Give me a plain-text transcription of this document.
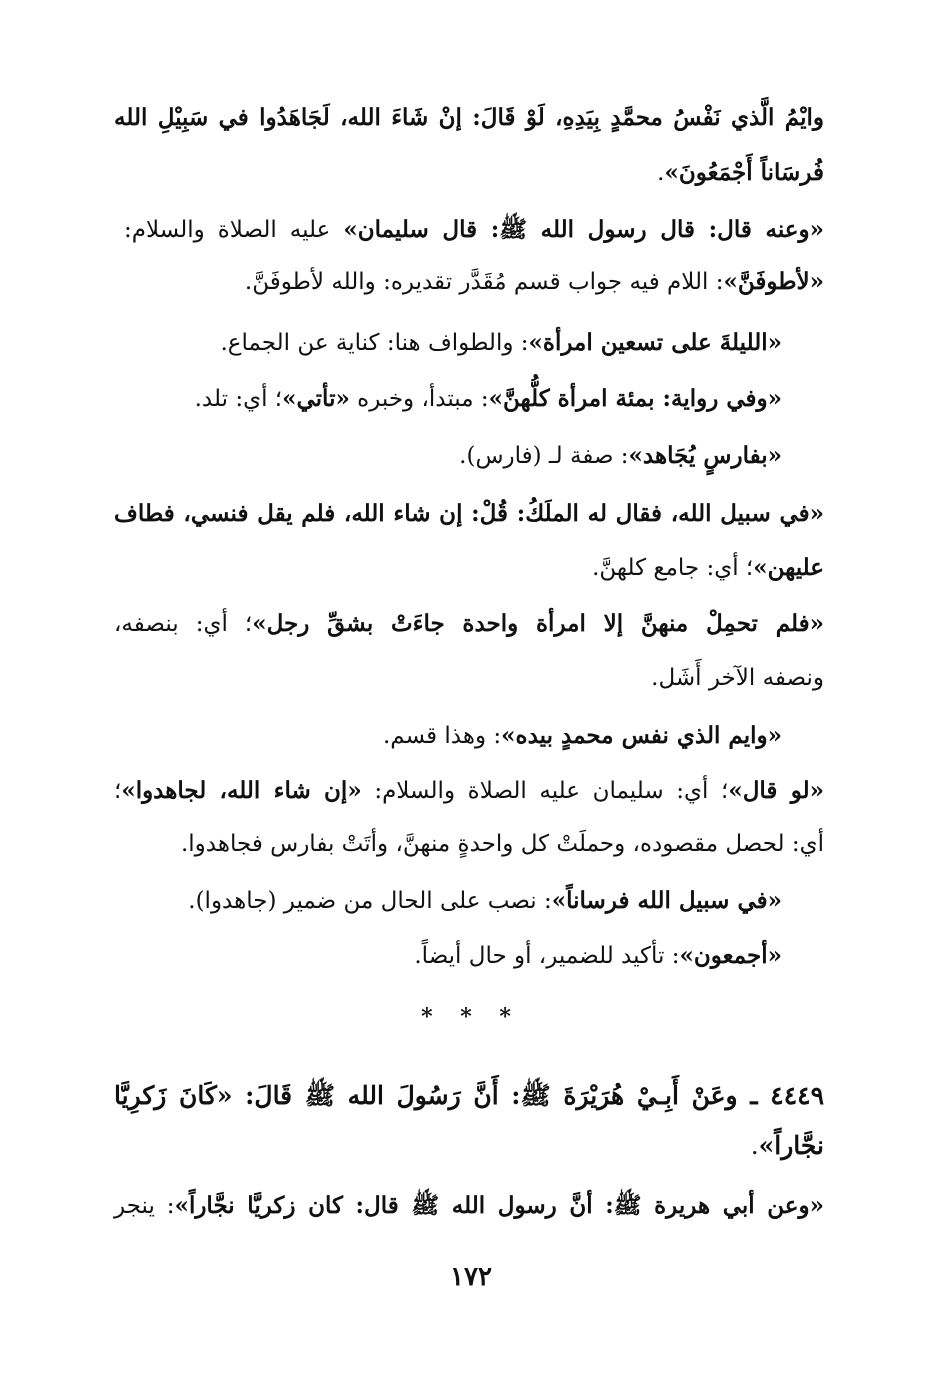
وايْمُ الَّذي نَفْسُ محمَّدٍ بِيَدِهِ، لَوْ قَالَ: إنْ شَاءَ الله، لَجَاهَدُوا في سَبِيْلِ الله
فُرسَاناً أَجْمَعُونَ».
«وعنه قال: قال رسول الله ﷺ: قال سليمان» عليه الصلاة والسلام:
«لأطوفَنَّ»: اللام فيه جواب قسم مُقَدَّر تقديره: والله لأطوفَنَّ.
«الليلةَ على تسعين امرأة»: والطواف هنا: كناية عن الجماع.
«وفي رواية: بمئة امرأة كلُّهنَّ»: مبتدأ، وخبره «تأتي»؛ أي: تلد.
«بفارسٍ يُجَاهد»: صفة لـ (فارس).
«في سبيل الله، فقال له الملَكُ: قُلْ: إن شاء الله، فلم يقل فنسي، فطاف
عليهن»؛ أي: جامع كلهنَّ.
«فلم تحمِلْ منهنَّ إلا امرأة واحدة جاءَتْ بشقِّ رجل»؛ أي: بنصفه،
ونصفه الآخر أَشَل.
«وايم الذي نفس محمدٍ بيده»: وهذا قسم.
«لو قال»؛ أي: سليمان عليه الصلاة والسلام: «إن شاء الله، لجاهدوا»؛
أي: لحصل مقصوده، وحملَتْ كل واحدةٍ منهنَّ، وأتَتْ بفارس فجاهدوا.
«في سبيل الله فرساناً»: نصب على الحال من ضمير (جاهدوا).
«أجمعون»: تأكيد للضمير، أو حال أيضاً.
* * *
٤٤٤٩ ـ وعَنْ أَبِـيْ هُرَيْرَةَ ﷺ: أَنَّ رَسُولَ الله ﷺ قَالَ: «كَانَ زَكرِيَّا
نجَّاراً».
«وعن أبي هريرة ﷺ: أنَّ رسول الله ﷺ قال: كان زكريَّا نجَّاراً»: ينجر
١٧٢
